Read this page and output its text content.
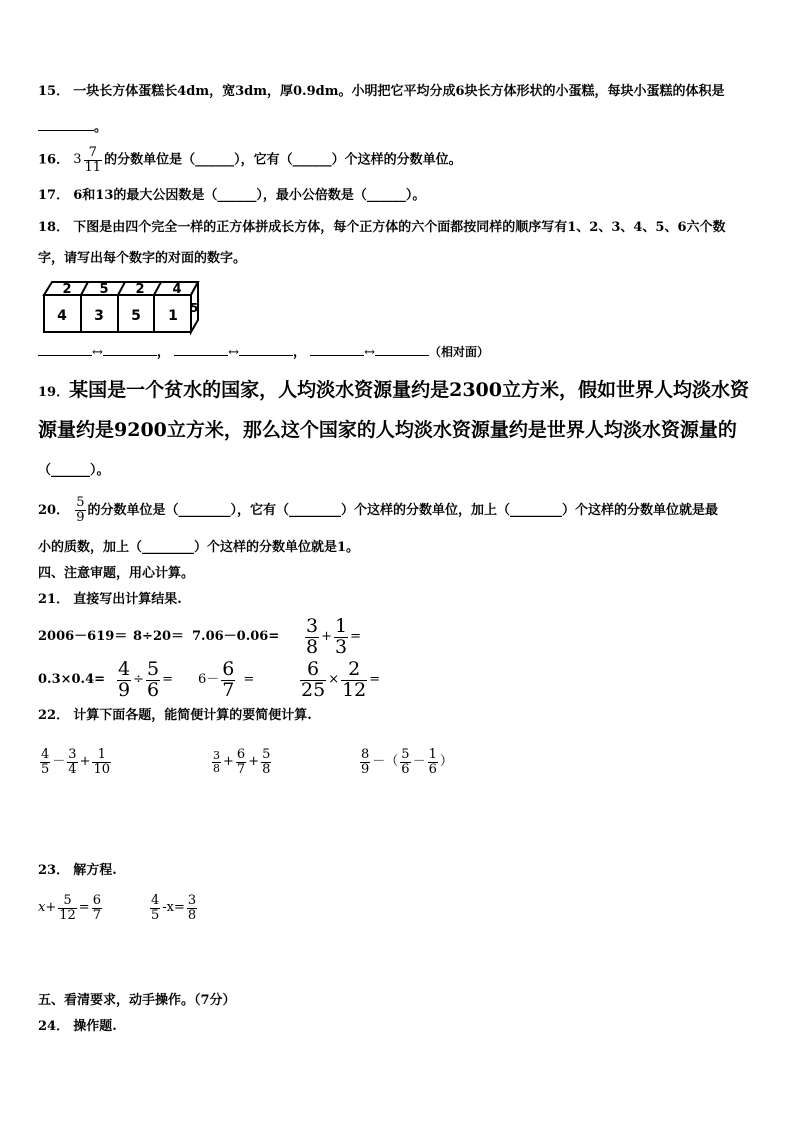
15． 一块长方体蛋糕长4dm，宽3dm，厚0.9dm。小明把它平均分成6块长方体形状的小蛋糕，每块小蛋糕的体积是
。
16． $3 \frac{7}{11}$ 的分数单位是（______），它有（______）个这样的分数单位。
17． 6和13的最大公因数是（______），最小公倍数是（______）。
18． 下图是由四个完全一样的正方体拼成长方体，每个正方体的六个面都按同样的顺序写有1、2、3、4、5、6六个数
字，请写出每个数字的对面的数字。
4 3 5 1
2 5 2 4
5
↔	，	↔	，	↔	（相对面）
19．某国是一个贫水的国家，人均淡水资源量约是2300立方米，假如世界人均淡水资
源量约是9200立方米，那么这个国家的人均淡水资源量约是世界人均淡水资源量的
（______）。
20． $\frac{5}{9}$ 的分数单位是（________），它有（________）个这样的分数单位，加上（________）个这样的分数单位就是最
小的质数，加上（________）个这样的分数单位就是1。
四、注意审题，用心计算。
21． 直接写出计算结果.
$2006-619= 8\div 20= 7.06-0.06= \frac{3}{8} + \frac{1}{3}$ =
$0.3\times 0.4= \frac{4}{9} \div \frac{5}{6} = 6- \frac{6}{7} = \frac{6}{25} \times \frac{2}{12}$ =
22． 计算下面各题，能简便计算的要简便计算.
$\frac{4}{5} - \frac{3}{4} + \frac{1}{10}$	$\frac{3}{8} + \frac{6}{7} + \frac{5}{8}$	$\frac{8}{9}$ －（ $\frac{5}{6} - \frac{1}{6}$ ）
23． 解方程.
$x+ \frac{5}{12} = \frac{6}{7}$	$\frac{4}{5} -x= \frac{3}{8}$
五、看清要求，动手操作。（7分）
24． 操作题.
